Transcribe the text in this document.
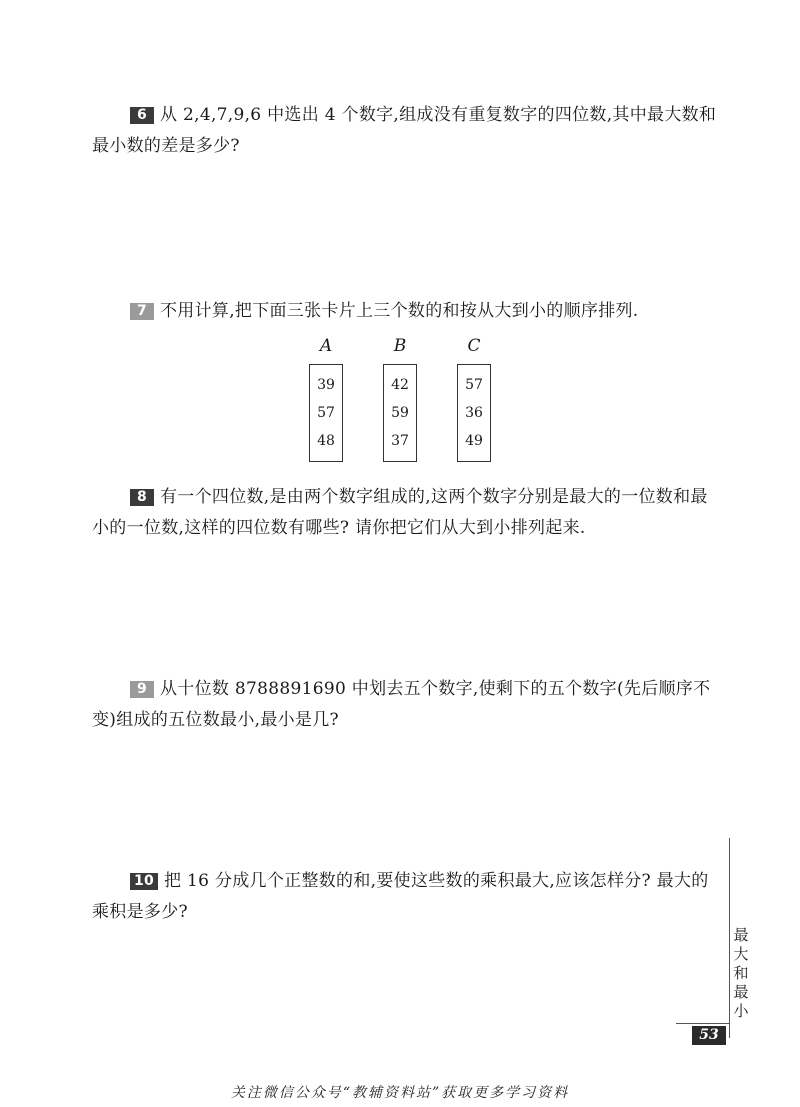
6 从 2,4,7,9,6 中选出 4 个数字,组成没有重复数字的四位数,其中最大数和最小数的差是多少?
7 不用计算,把下面三张卡片上三个数的和按从大到小的顺序排列.
A
39
57
48
B
42
59
37
C
57
36
49
8 有一个四位数,是由两个数字组成的,这两个数字分别是最大的一位数和最小的一位数,这样的四位数有哪些? 请你把它们从大到小排列起来.
9 从十位数 8788891690 中划去五个数字,使剩下的五个数字(先后顺序不变)组成的五位数最小,最小是几?
10 把 16 分成几个正整数的和,要使这些数的乘积最大,应该怎样分? 最大的乘积是多少?
最
大
和
最
小
53
关注微信公众号“教辅资料站”获取更多学习资料
